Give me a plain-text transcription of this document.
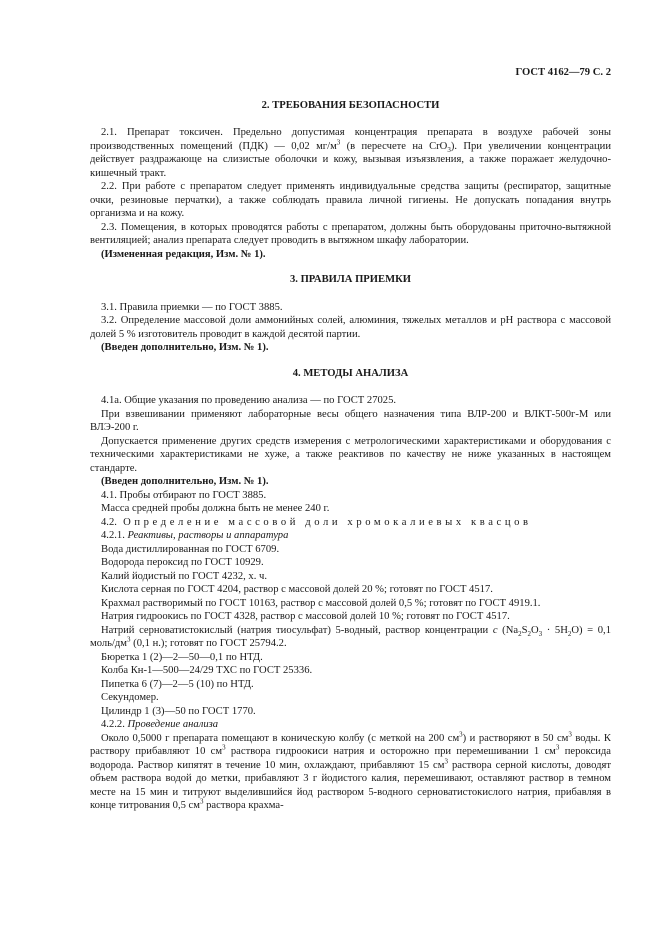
ГОСТ 4162—79 С. 2
2. ТРЕБОВАНИЯ БЕЗОПАСНОСТИ

2.1. Препарат токсичен. Предельно допустимая концентрация препарата в воздухе рабочей зоны производственных помещений (ПДК) — 0,02 $мг/м^3$ (в пересчете на CrO$_3$). При увеличении концентрации действует раздражающе на слизистые оболочки и кожу, вызывая изъязвления, а также поражает желудочно-кишечный тракт.

2.2. При работе с препаратом следует применять индивидуальные средства защиты (респиратор, защитные очки, резиновые перчатки), а также соблюдать правила личной гигиены. Не допускать попадания внутрь организма и на кожу.

2.3. Помещения, в которых проводятся работы с препаратом, должны быть оборудованы приточно-вытяжной вентиляцией; анализ препарата следует проводить в вытяжном шкафу лаборатории.

(Измененная редакция, Изм. № 1).

3. ПРАВИЛА ПРИЕМКИ

3.1. Правила приемки — по ГОСТ 3885.

3.2. Определение массовой доли аммонийных солей, алюминия, тяжелых металлов и pH раствора с массовой долей 5 % изготовитель проводит в каждой десятой партии.

(Введен дополнительно, Изм. № 1).

4. МЕТОДЫ АНАЛИЗА

4.1а. Общие указания по проведению анализа — по ГОСТ 27025.

При взвешивании применяют лабораторные весы общего назначения типа ВЛР-200 и ВЛКТ-500г-М или ВЛЭ-200 г.

Допускается применение других средств измерения с метрологическими характеристиками и оборудования с техническими характеристиками не хуже, а также реактивов по качеству не ниже указанных в настоящем стандарте.

(Введен дополнительно, Изм. № 1).

4.1. Пробы отбирают по ГОСТ 3885.

Масса средней пробы должна быть не менее 240 г.

4.2. Определение массовой доли хромокалиевых квасцов

4.2.1. Реактивы, растворы и аппаратура

Вода дистиллированная по ГОСТ 6709.

Водорода пероксид по ГОСТ 10929.

Калий йодистый по ГОСТ 4232, х. ч.

Кислота серная по ГОСТ 4204, раствор с массовой долей 20 %; готовят по ГОСТ 4517.

Крахмал растворимый по ГОСТ 10163, раствор с массовой долей 0,5 %; готовят по ГОСТ 4919.1.

Натрия гидроокись по ГОСТ 4328, раствор с массовой долей 10 %; готовят по ГОСТ 4517.

Натрий серноватистокислый (натрия тиосульфат) 5-водный, раствор концентрации c $(Na_2S_2O_3 \cdot 5H_2O) = 0,1$ моль/$дм^3$ (0,1 н.); готовят по ГОСТ 25794.2.

Бюретка 1 (2)—2—50—0,1 по НТД.

Колба Кн-1—500—24/29 ТХС по ГОСТ 25336.

Пипетка 6 (7)—2—5 (10) по НТД.

Секундомер.

Цилиндр 1 (3)—50 по ГОСТ 1770.

4.2.2. Проведение анализа

Около 0,5000 г препарата помещают в коническую колбу (с меткой на 200 $см^3$) и растворяют в 50 $см^3$ воды. К раствору прибавляют 10 $см^3$ раствора гидроокиси натрия и осторожно при перемешивании 1 $см^3$ пероксида водорода. Раствор кипятят в течение 10 мин, охлаждают, прибавляют 15 $см^3$ раствора серной кислоты, доводят объем раствора водой до метки, прибавляют 3 г йодистого калия, перемешивают, оставляют раствор в темном месте на 15 мин и титруют выделившийся йод раствором 5-водного серноватистокислого натрия, прибавляя в конце титрования 0,5 $см^3$ раствора крахма-
